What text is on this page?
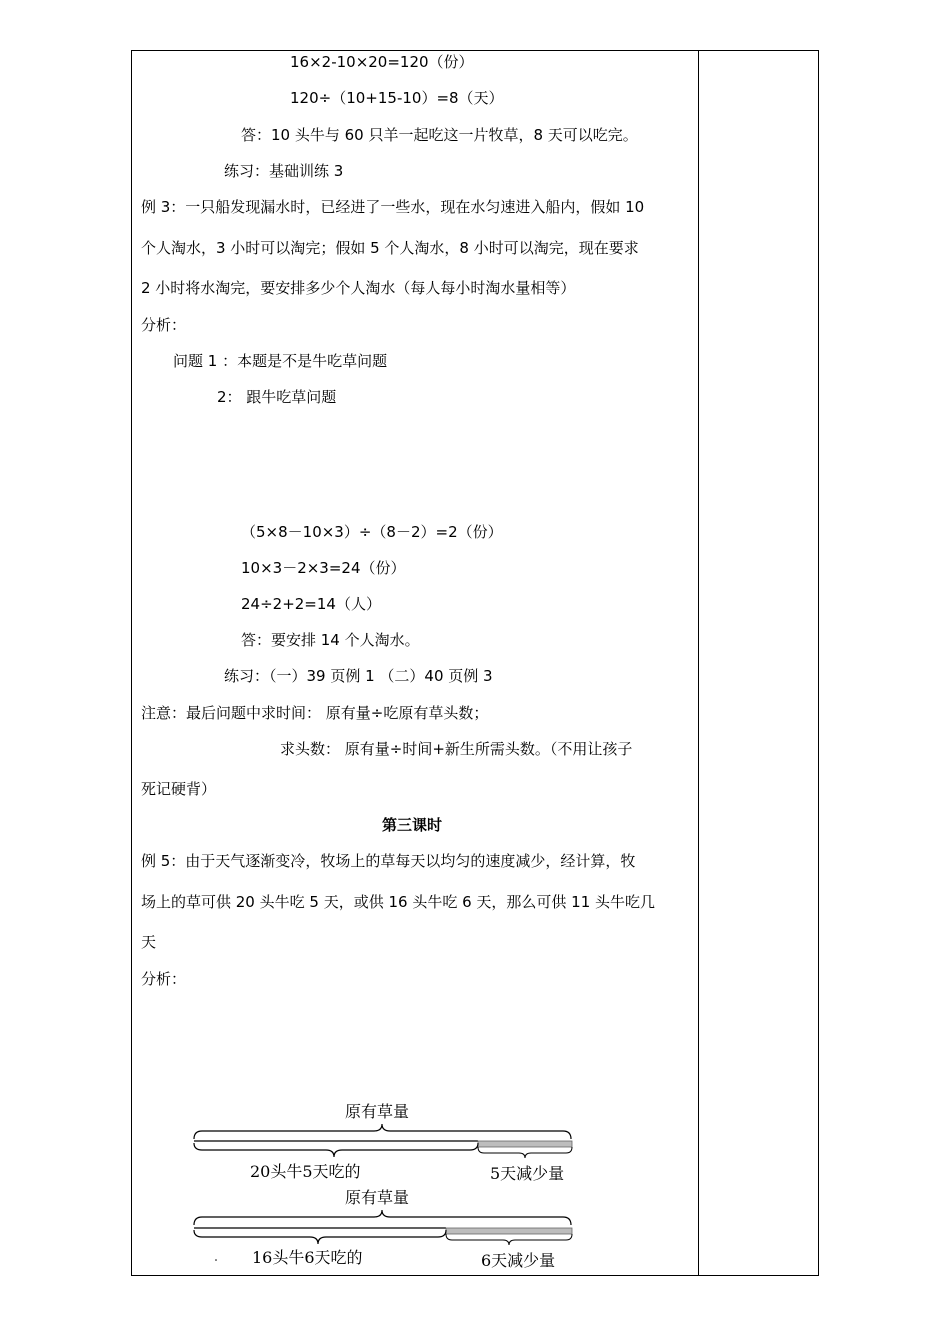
16×2-10×20=120（份）
120÷（10+15-10）=8（天）
答：10 头牛与 60 只羊一起吃这一片牧草，8 天可以吃完。
练习：基础训练 3
例 3：一只船发现漏水时，已经进了一些水，现在水匀速进入船内，假如 10
个人淘水，3 小时可以淘完；假如 5 个人淘水，8 小时可以淘完，现在要求
2 小时将水淘完，要安排多少个人淘水（每人每小时淘水量相等）
分析：
问题 1 ：本题是不是牛吃草问题
2： 跟牛吃草问题
（5×8－10×3）÷（8－2）=2（份）
10×3－2×3=24（份）
24÷2+2=14（人）
答：要安排 14 个人淘水。
练习：（一）39 页例 1 （二）40 页例 3
注意：最后问题中求时间： 原有量÷吃原有草头数；
求头数： 原有量÷时间+新生所需头数。（不用让孩子
死记硬背）
第三课时
例 5：由于天气逐渐变冷，牧场上的草每天以均匀的速度减少，经计算，牧
场上的草可供 20 头牛吃 5 天，或供 16 头牛吃 6 天，那么可供 11 头牛吃几
天
分析：
原有草量
20头牛5天吃的	5天减少量
原有草量
16头牛6天吃的	6天减少量
